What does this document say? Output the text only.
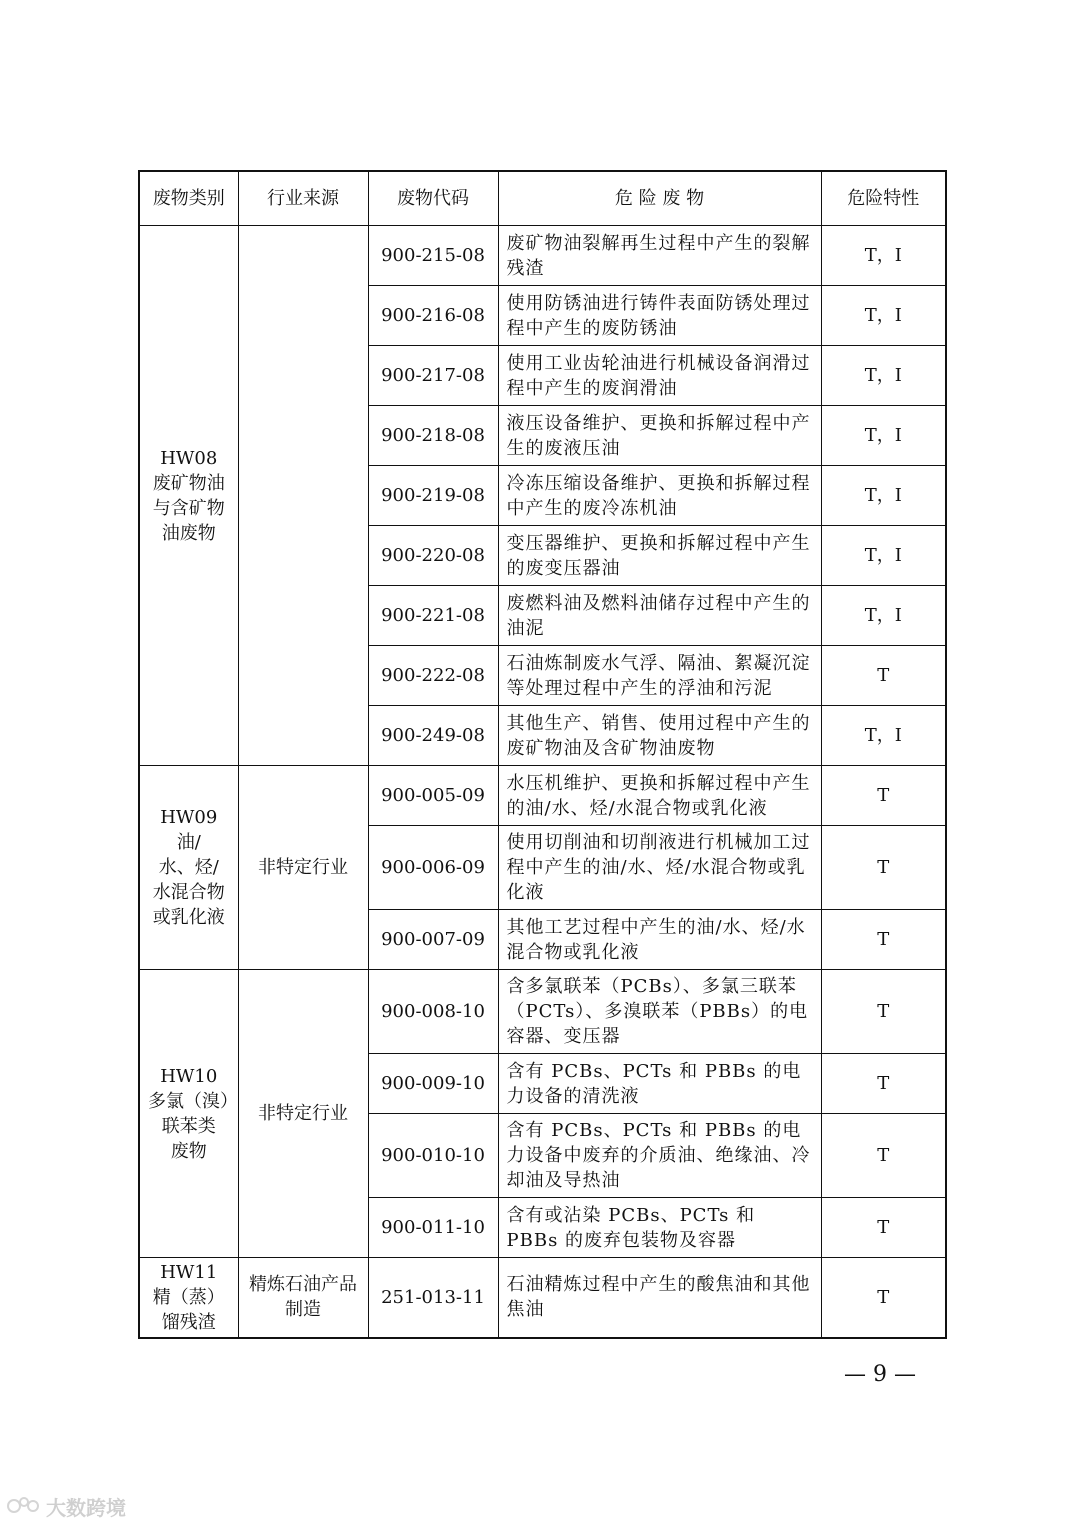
废物类别	行业来源	废物代码	危 险 废 物	危险特性

HW08
废矿物油
与含矿物
油废物		900-215-08	废矿物油裂解再生过程中产生的裂解残渣	T，I
		900-216-08	使用防锈油进行铸件表面防锈处理过程中产生的废防锈油	T，I
		900-217-08	使用工业齿轮油进行机械设备润滑过程中产生的废润滑油	T，I
		900-218-08	液压设备维护、更换和拆解过程中产生的废液压油	T，I
		900-219-08	冷冻压缩设备维护、更换和拆解过程中产生的废冷冻机油	T，I
		900-220-08	变压器维护、更换和拆解过程中产生的废变压器油	T，I
		900-221-08	废燃料油及燃料油储存过程中产生的油泥	T，I
		900-222-08	石油炼制废水气浮、隔油、絮凝沉淀等处理过程中产生的浮油和污泥	T
		900-249-08	其他生产、销售、使用过程中产生的废矿物油及含矿物油废物	T，I

HW09 油/
水、烃/
水混合物
或乳化液	非特定行业	900-005-09	水压机维护、更换和拆解过程中产生的油/水、烃/水混合物或乳化液	T
		900-006-09	使用切削油和切削液进行机械加工过程中产生的油/水、烃/水混合物或乳化液	T
		900-007-09	其他工艺过程中产生的油/水、烃/水混合物或乳化液	T

HW10
多氯（溴）
联苯类
废物	非特定行业	900-008-10	含多氯联苯（PCBs）、多氯三联苯（PCTs）、多溴联苯（PBBs）的电容器、变压器	T
		900-009-10	含有 PCBs、PCTs 和 PBBs 的电力设备的清洗液	T
		900-010-10	含有 PCBs、PCTs 和 PBBs 的电力设备中废弃的介质油、绝缘油、冷却油及导热油	T
		900-011-10	含有或沾染 PCBs、PCTs 和 PBBs 的废弃包装物及容器	T

HW11
精（蒸）
馏残渣	精炼石油产品制造	251-013-11	石油精炼过程中产生的酸焦油和其他焦油	T
— 9 —
大数跨境
